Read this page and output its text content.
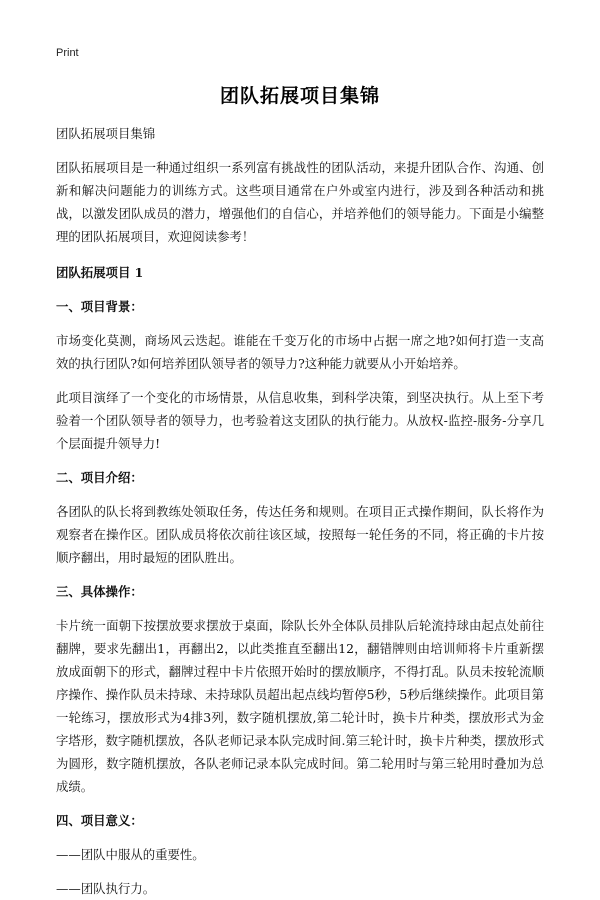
Print
团队拓展项目集锦

团队拓展项目集锦

团队拓展项目是一种通过组织一系列富有挑战性的团队活动，来提升团队合作、沟通、创新和解决问题能力的训练方式。这些项目通常在户外或室内进行，涉及到各种活动和挑战，以激发团队成员的潜力，增强他们的自信心，并培养他们的领导能力。下面是小编整理的团队拓展项目，欢迎阅读参考！

团队拓展项目 1

一、项目背景：

市场变化莫测，商场风云迭起。谁能在千变万化的市场中占据一席之地?如何打造一支高效的执行团队?如何培养团队领导者的领导力?这种能力就要从小开始培养。

此项目演绎了一个变化的市场情景，从信息收集，到科学决策，到坚决执行。从上至下考验着一个团队领导者的领导力，也考验着这支团队的执行能力。从放权-监控-服务-分享几个层面提升领导力!

二、项目介绍：

各团队的队长将到教练处领取任务，传达任务和规则。在项目正式操作期间，队长将作为观察者在操作区。团队成员将依次前往该区域，按照每一轮任务的不同，将正确的卡片按顺序翻出，用时最短的团队胜出。

三、具体操作：

卡片统一面朝下按摆放要求摆放于桌面，除队长外全体队员排队后轮流持球由起点处前往翻牌，要求先翻出1，再翻出2，以此类推直至翻出12，翻错牌则由培训师将卡片重新摆放成面朝下的形式，翻牌过程中卡片依照开始时的摆放顺序，不得打乱。队员未按轮流顺序操作、操作队员未持球、未持球队员超出起点线均暂停5秒，5秒后继续操作。此项目第一轮练习，摆放形式为4排3列，数字随机摆放,第二轮计时，换卡片种类，摆放形式为金字塔形，数字随机摆放，各队老师记录本队完成时间.第三轮计时，换卡片种类，摆放形式为圆形，数字随机摆放，各队老师记录本队完成时间。第二轮用时与第三轮用时叠加为总成绩。

四、项目意义：

——团队中服从的重要性。

——团队执行力。
